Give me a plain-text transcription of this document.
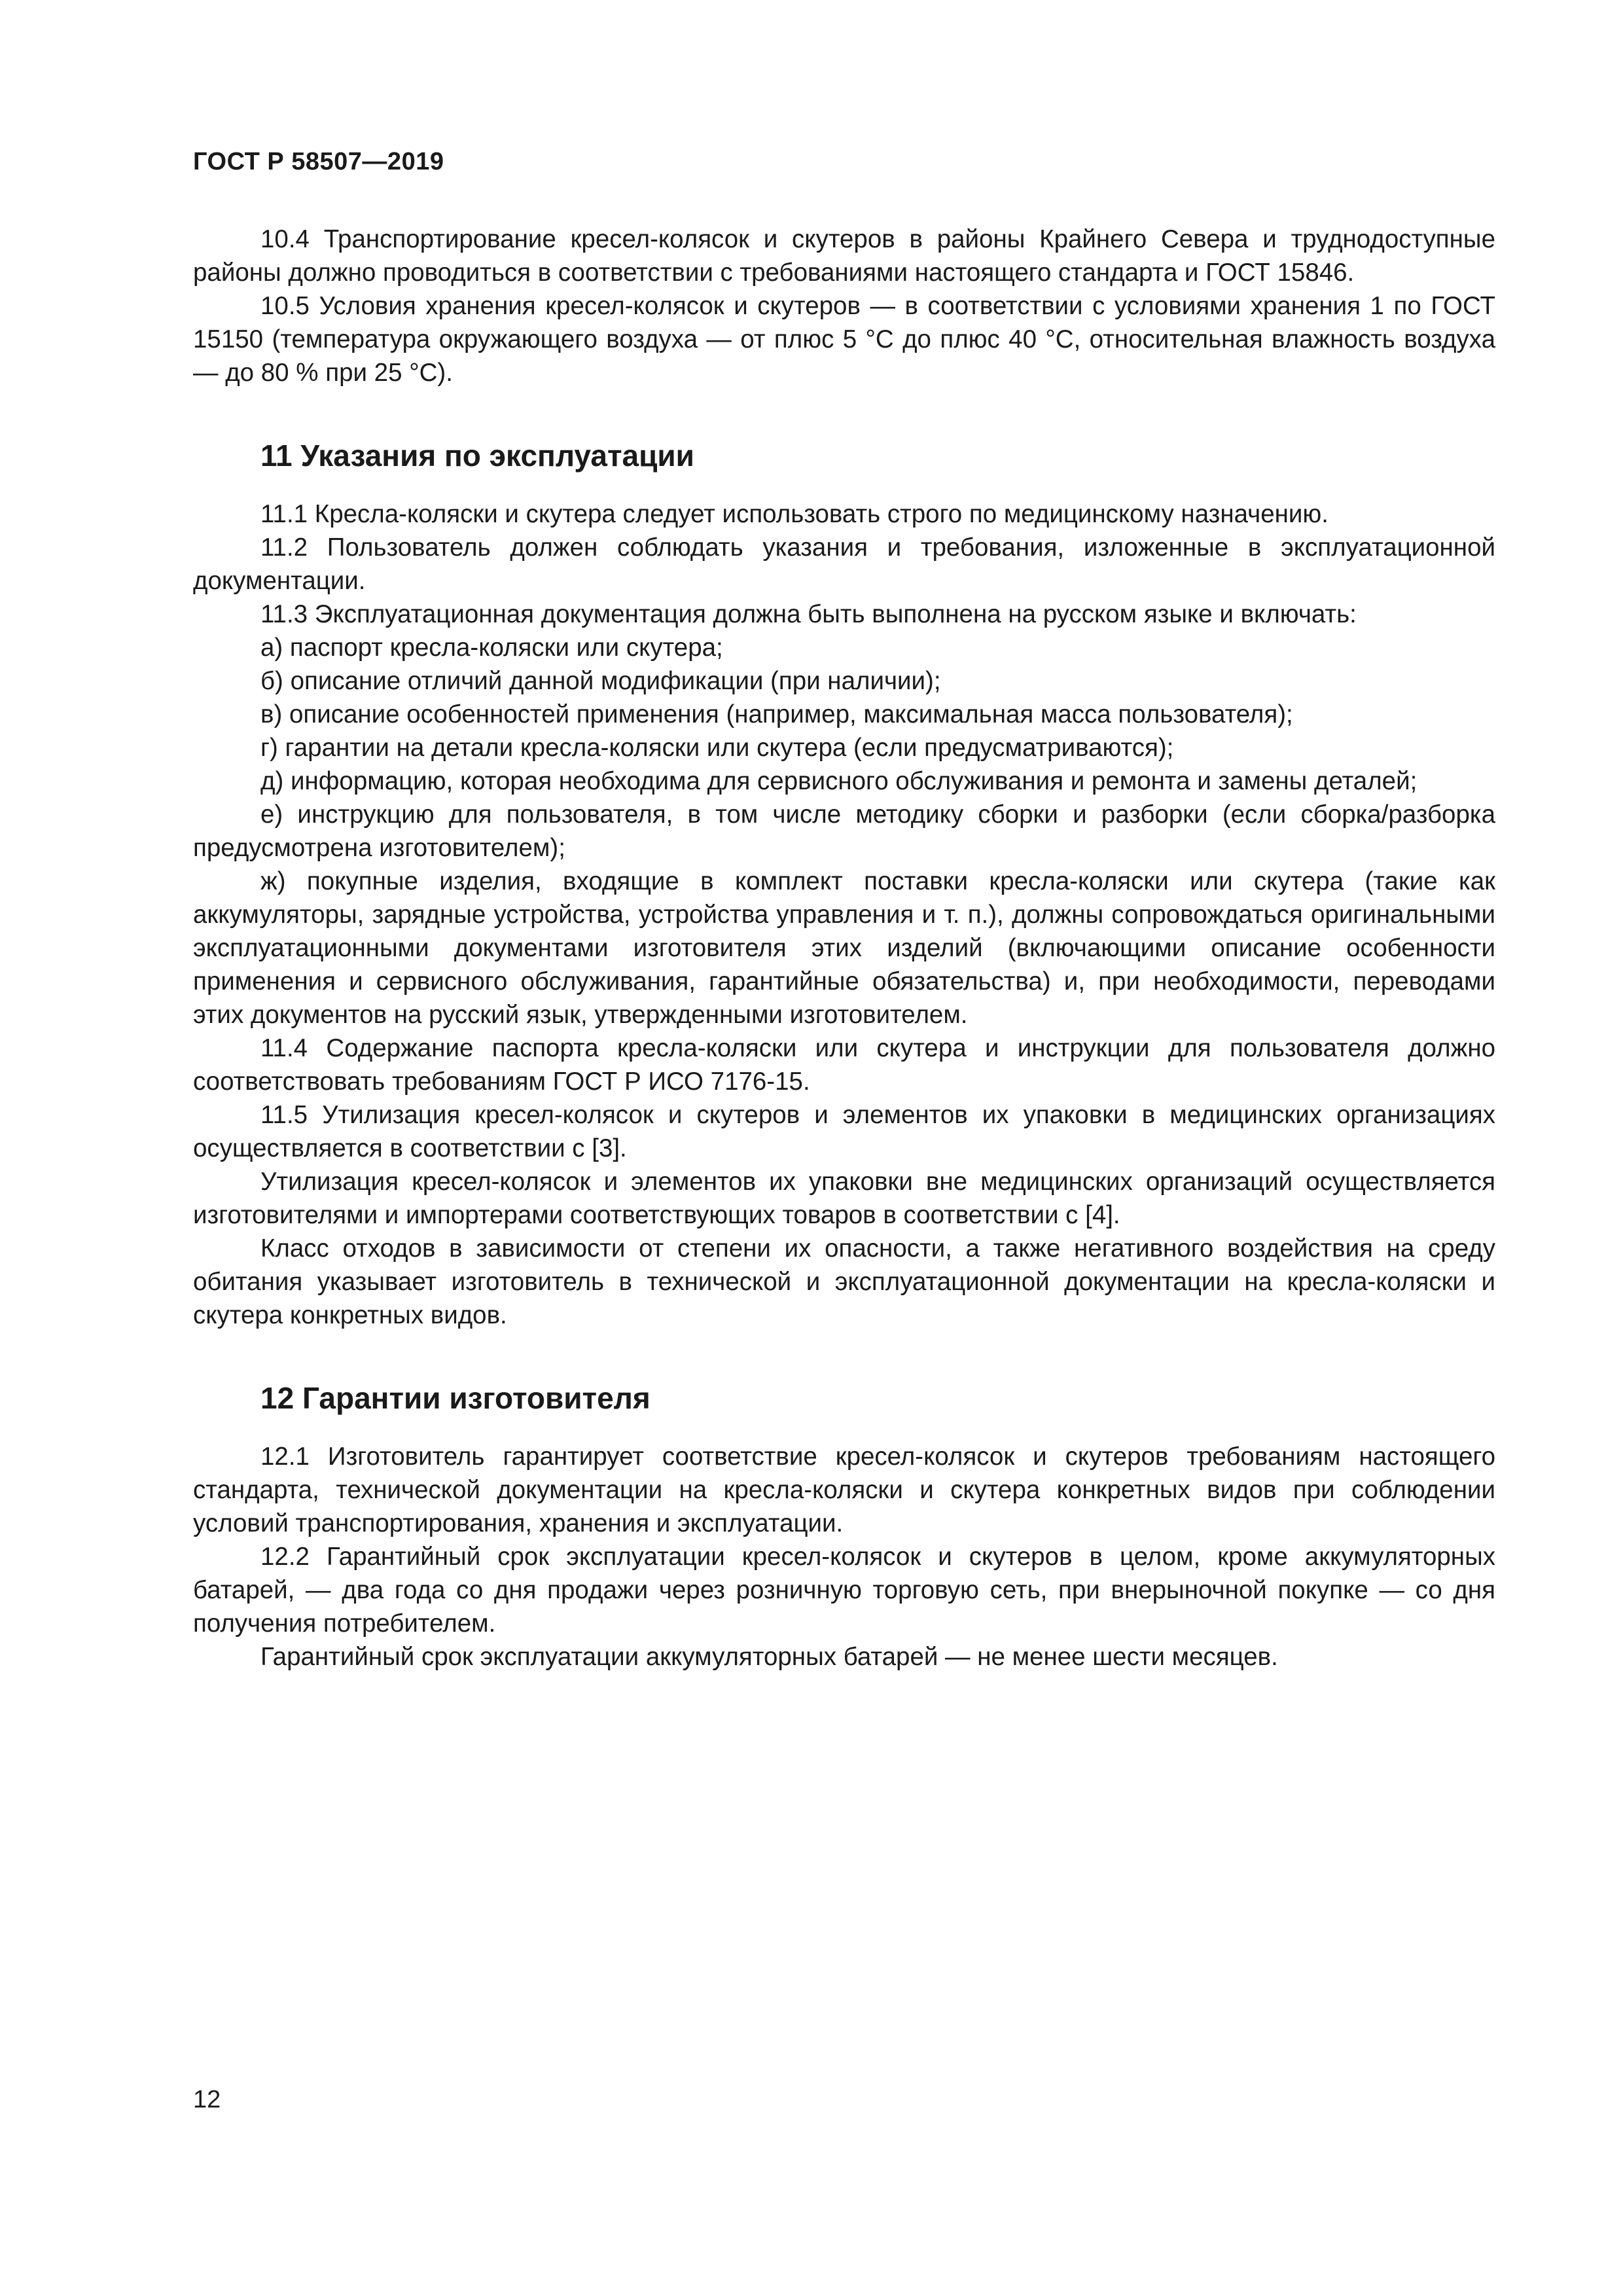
ГОСТ Р 58507—2019

10.4 Транспортирование кресел-колясок и скутеров в районы Крайнего Севера и труднодоступные районы должно проводиться в соответствии с требованиями настоящего стандарта и ГОСТ 15846.

10.5 Условия хранения кресел-колясок и скутеров — в соответствии с условиями хранения 1 по ГОСТ 15150 (температура окружающего воздуха — от плюс 5 °С до плюс 40 °С, относительная влажность воздуха — до 80 % при 25 °С).

11 Указания по эксплуатации

11.1 Кресла-коляски и скутера следует использовать строго по медицинскому назначению.

11.2 Пользователь должен соблюдать указания и требования, изложенные в эксплуатационной документации.

11.3 Эксплуатационная документация должна быть выполнена на русском языке и включать:

а) паспорт кресла-коляски или скутера;

б) описание отличий данной модификации (при наличии);

в) описание особенностей применения (например, максимальная масса пользователя);

г) гарантии на детали кресла-коляски или скутера (если предусматриваются);

д) информацию, которая необходима для сервисного обслуживания и ремонта и замены деталей;

е) инструкцию для пользователя, в том числе методику сборки и разборки (если сборка/разборка предусмотрена изготовителем);

ж) покупные изделия, входящие в комплект поставки кресла-коляски или скутера (такие как аккумуляторы, зарядные устройства, устройства управления и т. п.), должны сопровождаться оригинальными эксплуатационными документами изготовителя этих изделий (включающими описание особенности применения и сервисного обслуживания, гарантийные обязательства) и, при необходимости, переводами этих документов на русский язык, утвержденными изготовителем.

11.4 Содержание паспорта кресла-коляски или скутера и инструкции для пользователя должно соответствовать требованиям ГОСТ Р ИСО 7176-15.

11.5 Утилизация кресел-колясок и скутеров и элементов их упаковки в медицинских организациях осуществляется в соответствии с [3].

Утилизация кресел-колясок и элементов их упаковки вне медицинских организаций осуществляется изготовителями и импортерами соответствующих товаров в соответствии с [4].

Класс отходов в зависимости от степени их опасности, а также негативного воздействия на среду обитания указывает изготовитель в технической и эксплуатационной документации на кресла-коляски и скутера конкретных видов.

12 Гарантии изготовителя

12.1 Изготовитель гарантирует соответствие кресел-колясок и скутеров требованиям настоящего стандарта, технической документации на кресла-коляски и скутера конкретных видов при соблюдении условий транспортирования, хранения и эксплуатации.

12.2 Гарантийный срок эксплуатации кресел-колясок и скутеров в целом, кроме аккумуляторных батарей, — два года со дня продажи через розничную торговую сеть, при внерыночной покупке — со дня получения потребителем.

Гарантийный срок эксплуатации аккумуляторных батарей — не менее шести месяцев.

12
